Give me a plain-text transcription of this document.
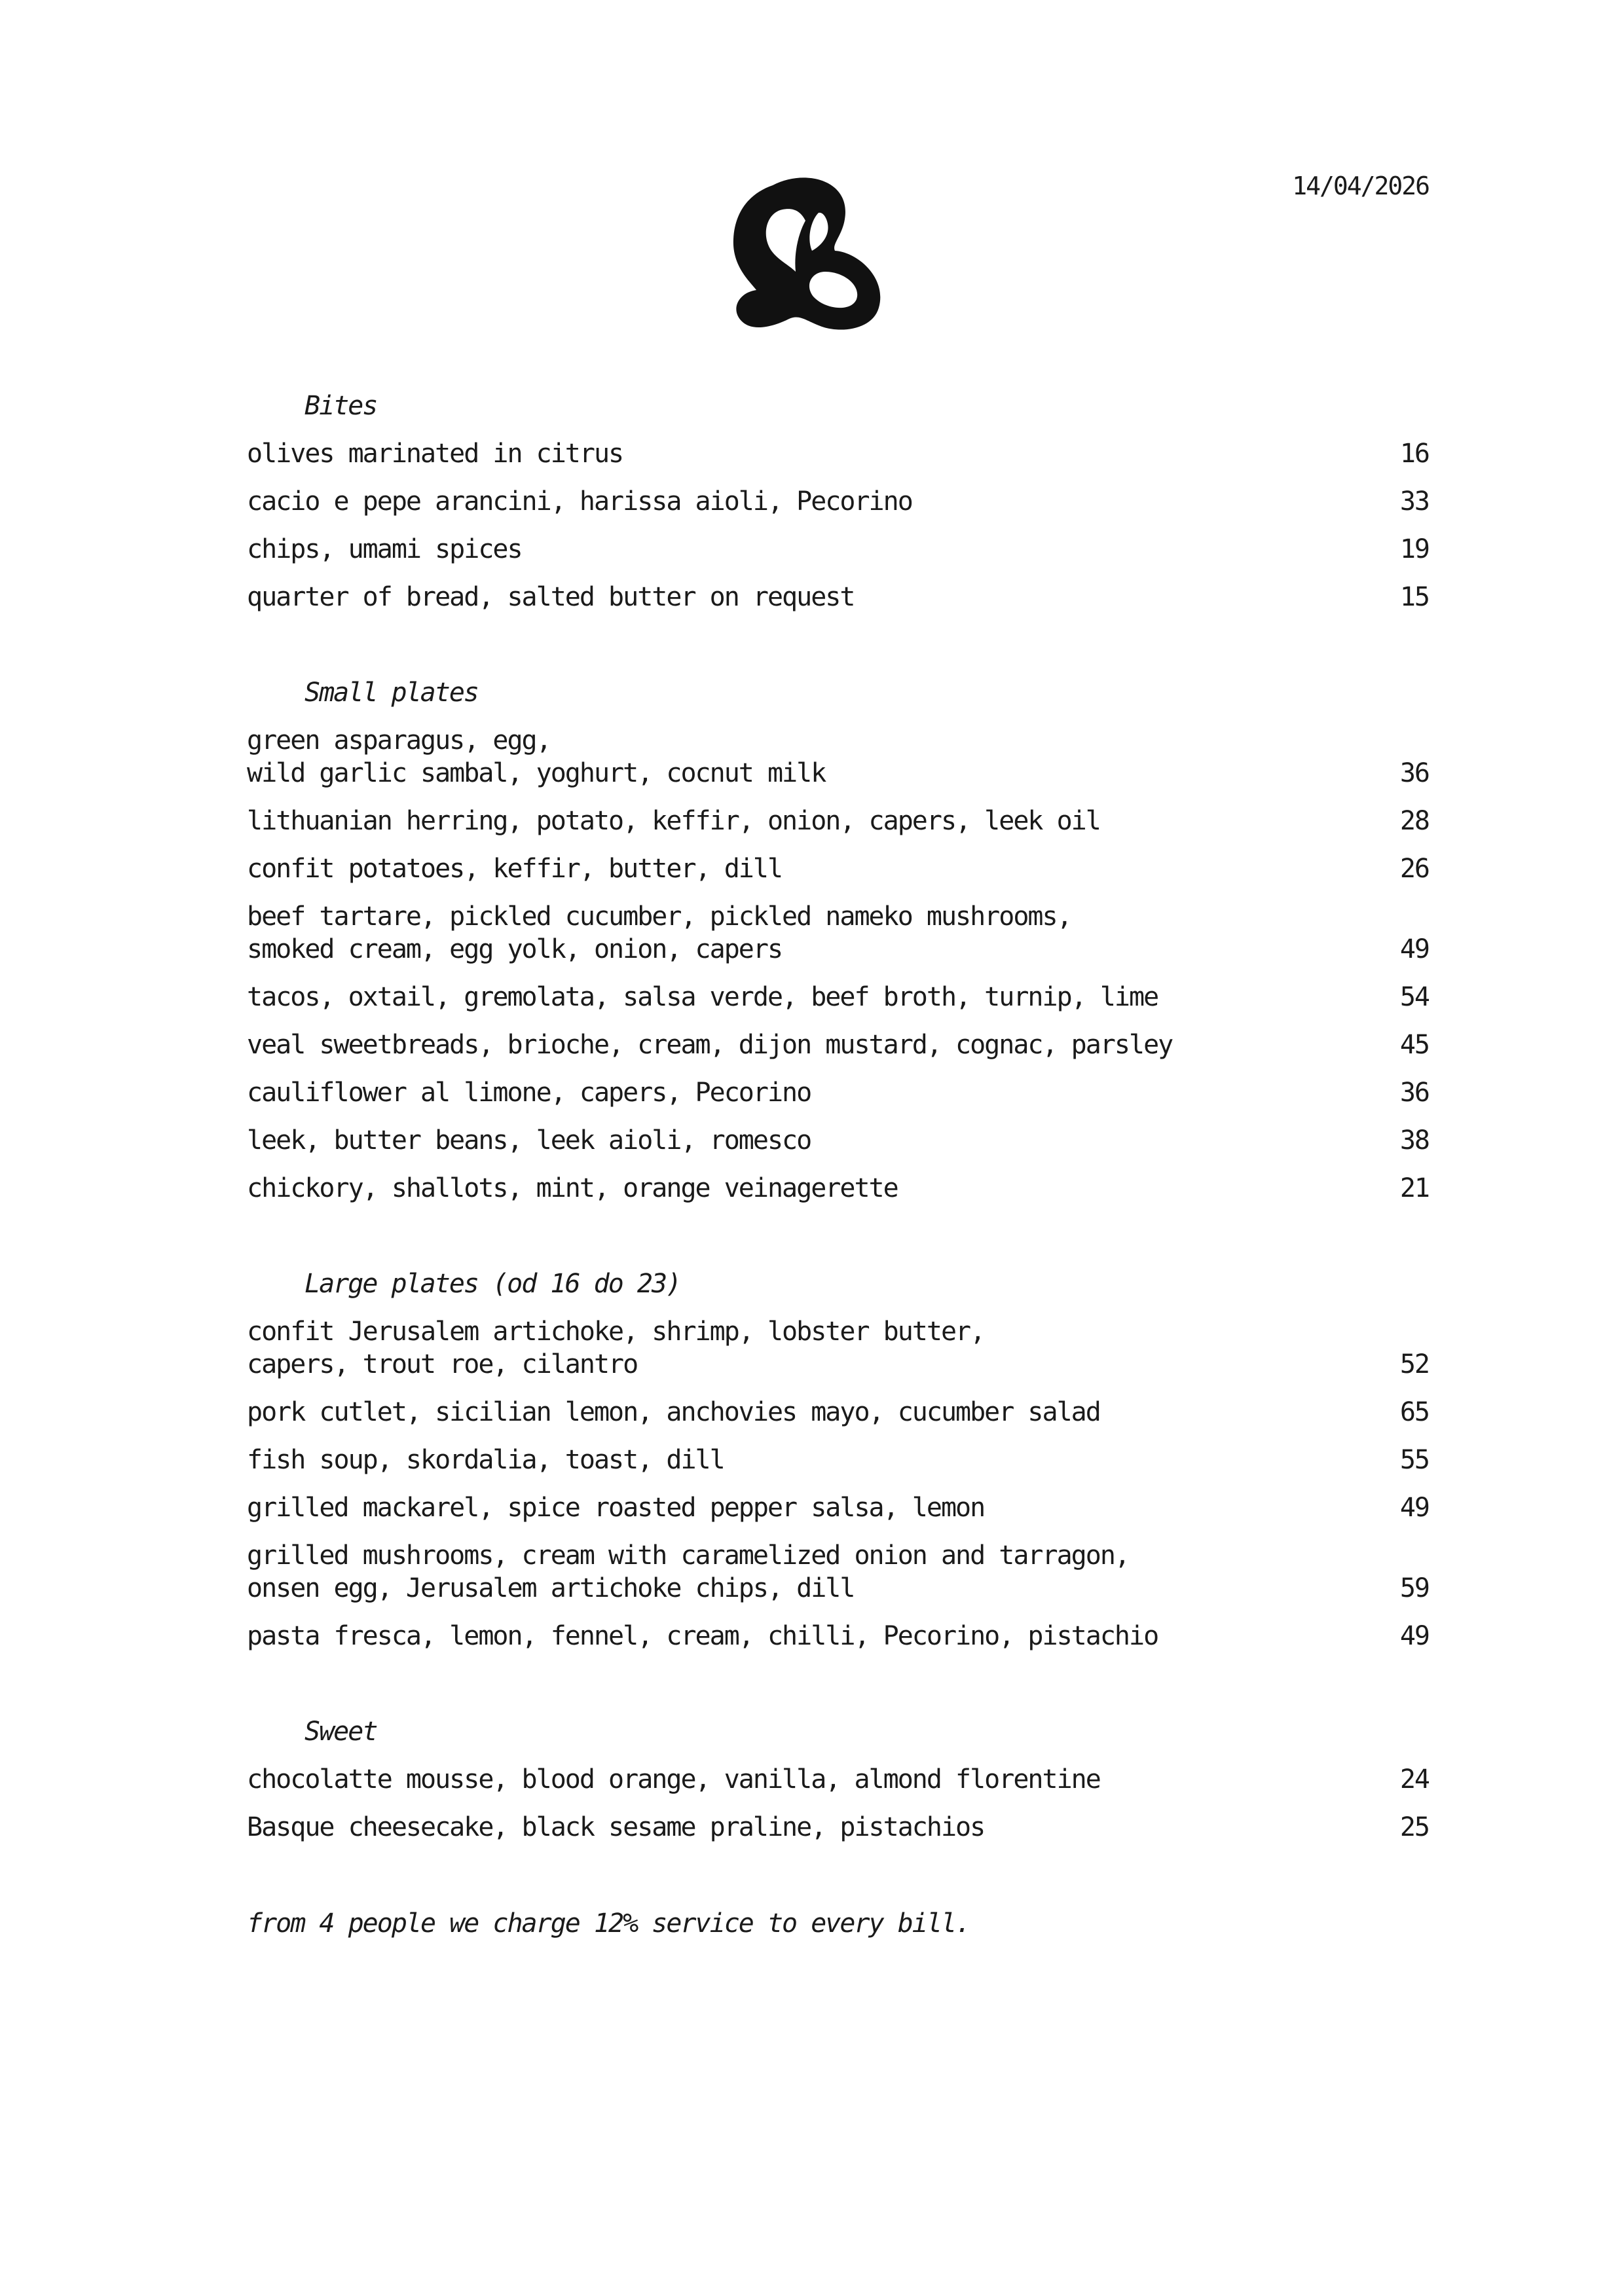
14/04/2026
Bites
olives marinated in citrus	16
cacio e pepe arancini, harissa aioli, Pecorino	33
chips, umami spices	19
quarter of bread, salted butter on request	15
Small plates
green asparagus, egg,
wild garlic sambal, yoghurt, cocnut milk	36
lithuanian herring, potato, keffir, onion, capers, leek oil	28
confit potatoes, keffir, butter, dill	26
beef tartare, pickled cucumber, pickled nameko mushrooms,
smoked cream, egg yolk, onion, capers	49
tacos, oxtail, gremolata, salsa verde, beef broth, turnip, lime	54
veal sweetbreads, brioche, cream, dijon mustard, cognac, parsley	45
cauliflower al limone, capers, Pecorino	36
leek, butter beans, leek aioli, romesco	38
chickory, shallots, mint, orange veinagerette	21
Large plates (od 16 do 23)
confit Jerusalem artichoke, shrimp, lobster butter,
capers, trout roe, cilantro	52
pork cutlet, sicilian lemon, anchovies mayo, cucumber salad	65
fish soup, skordalia, toast, dill	55
grilled mackarel, spice roasted pepper salsa, lemon	49
grilled mushrooms, cream with caramelized onion and tarragon,
onsen egg, Jerusalem artichoke chips, dill	59
pasta fresca, lemon, fennel, cream, chilli, Pecorino, pistachio	49
Sweet
chocolatte mousse, blood orange, vanilla, almond florentine	24
Basque cheesecake, black sesame praline, pistachios	25
from 4 people we charge 12% service to every bill.
